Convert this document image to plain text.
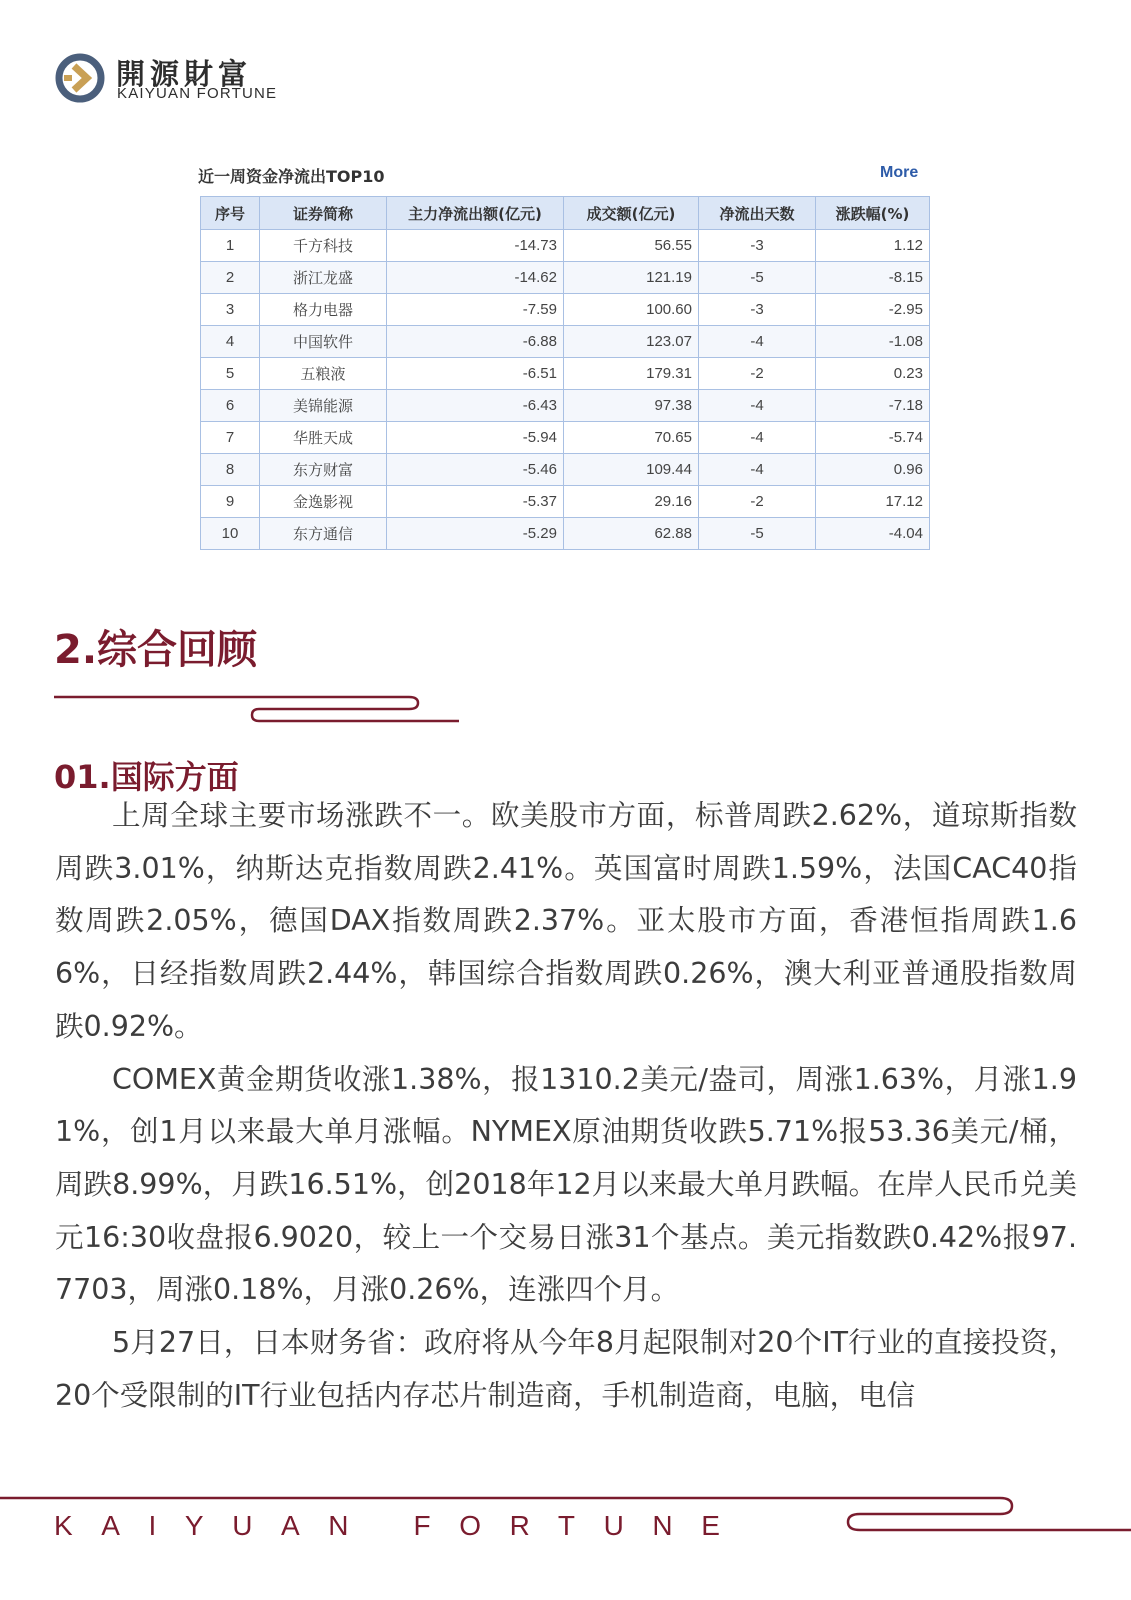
開源財富
KAIYUAN FORTUNE
近一周资金净流出TOP10	More
序号	证券简称	主力净流出额(亿元)	成交额(亿元)	净流出天数	涨跌幅(%)
1	千方科技	-14.73	56.55	-3	1.12
2	浙江龙盛	-14.62	121.19	-5	-8.15
3	格力电器	-7.59	100.60	-3	-2.95
4	中国软件	-6.88	123.07	-4	-1.08
5	五粮液	-6.51	179.31	-2	0.23
6	美锦能源	-6.43	97.38	-4	-7.18
7	华胜天成	-5.94	70.65	-4	-5.74
8	东方财富	-5.46	109.44	-4	0.96
9	金逸影视	-5.37	29.16	-2	17.12
10	东方通信	-5.29	62.88	-5	-4.04
2.综合回顾
01.国际方面

上周全球主要市场涨跌不一。欧美股市方面，标普周跌2.62%，道琼斯指数周跌3.01%，纳斯达克指数周跌2.41%。英国富时周跌1.59%，法国CAC40指数周跌2.05%，德国DAX指数周跌2.37%。亚太股市方面，香港恒指周跌1.66%，日经指数周跌2.44%，韩国综合指数周跌0.26%，澳大利亚普通股指数周跌0.92%。

COMEX黄金期货收涨1.38%，报1310.2美元/盎司，周涨1.63%，月涨1.91%，创1月以来最大单月涨幅。NYMEX原油期货收跌5.71%报53.36美元/桶，周跌8.99%，月跌16.51%，创2018年12月以来最大单月跌幅。在岸人民币兑美元16:30收盘报6.9020，较上一个交易日涨31个基点。美元指数跌0.42%报97.7703，周涨0.18%，月涨0.26%，连涨四个月。

5月27日，日本财务省：政府将从今年8月起限制对20个IT行业的直接投资，20个受限制的IT行业包括内存芯片制造商，手机制造商，电脑，电信

KAIYUAN FORTUNE
